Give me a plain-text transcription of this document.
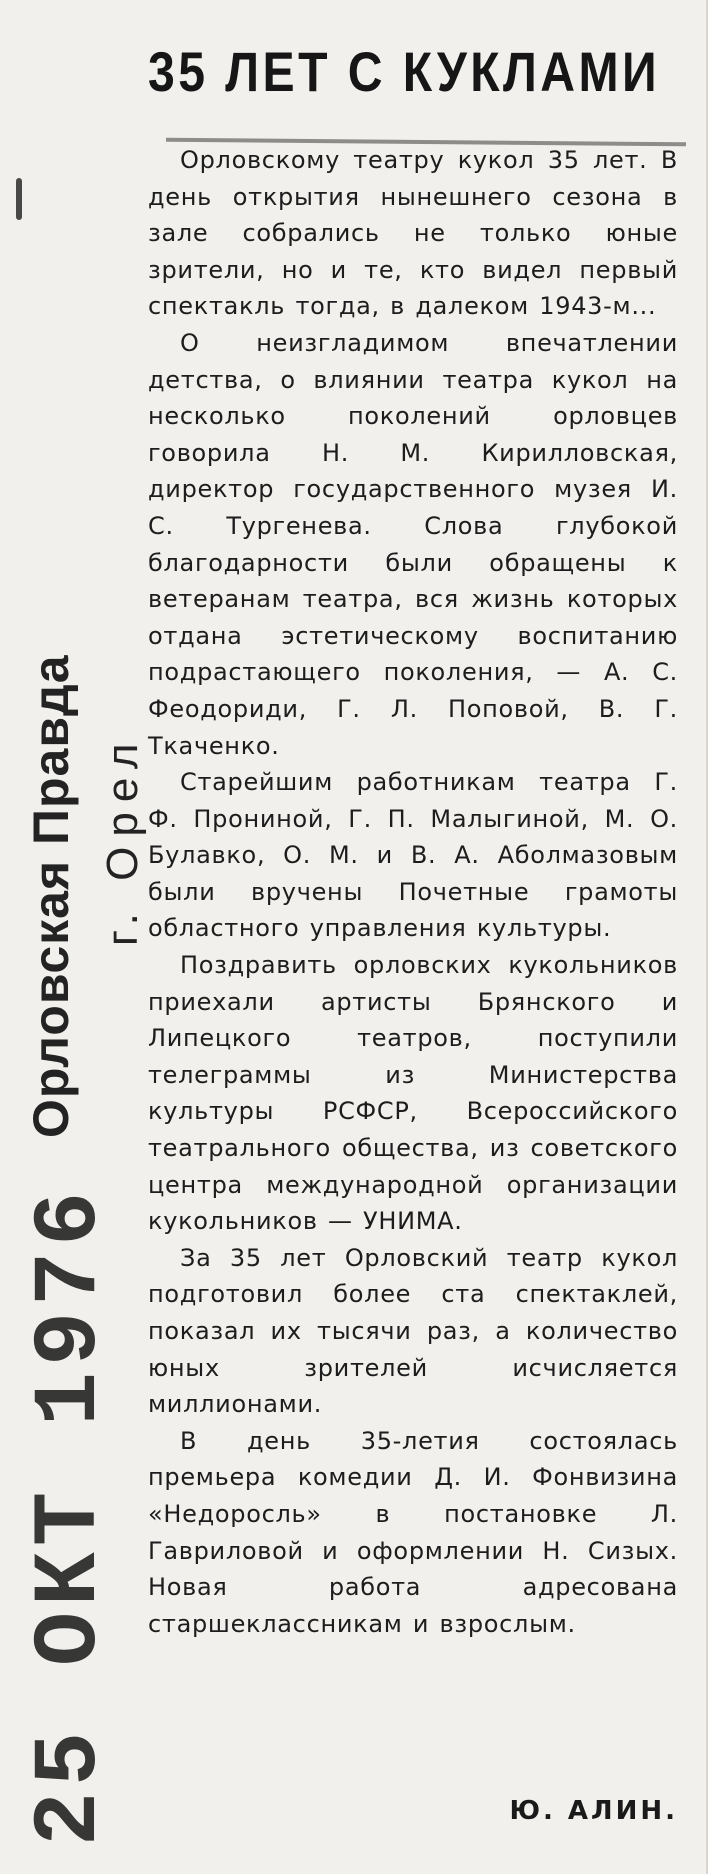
Орловская Правда г. Орел
25 ОКТ 1976
35 ЛЕТ С КУКЛАМИ

Орловскому театру кукол 35 лет. В день открытия нынешнего сезона в зале собрались не только юные зрители, но и те, кто видел первый спектакль тогда, в далеком 1943-м...

О неизгладимом впечатлении детства, о влиянии театра кукол на несколько поколений орловцев говорила Н. М. Кирилловская, директор государственного музея И. С. Тургенева. Слова глубокой благодарности были обращены к ветеранам театра, вся жизнь которых отдана эстетическому воспитанию подрастающего поколения, — А. С. Феодориди, Г. Л. Поповой, В. Г. Ткаченко.

Старейшим работникам театра Г. Ф. Прониной, Г. П. Малыгиной, М. О. Булавко, О. М. и В. А. Аболмазовым были вручены Почетные грамоты областного управления культуры.

Поздравить орловских кукольников приехали артисты Брянского и Липецкого театров, поступили телеграммы из Министерства культуры РСФСР, Всероссийского театрального общества, из советского центра международной организации кукольников — УНИМА.

За 35 лет Орловский театр кукол подготовил более ста спектаклей, показал их тысячи раз, а количество юных зрителей исчисляется миллионами.

В день 35-летия состоялась премьера комедии Д. И. Фонвизина «Недоросль» в постановке Л. Гавриловой и оформлении Н. Сизых. Новая работа адресована старшеклассникам и взрослым.

Ю. АЛИН.
